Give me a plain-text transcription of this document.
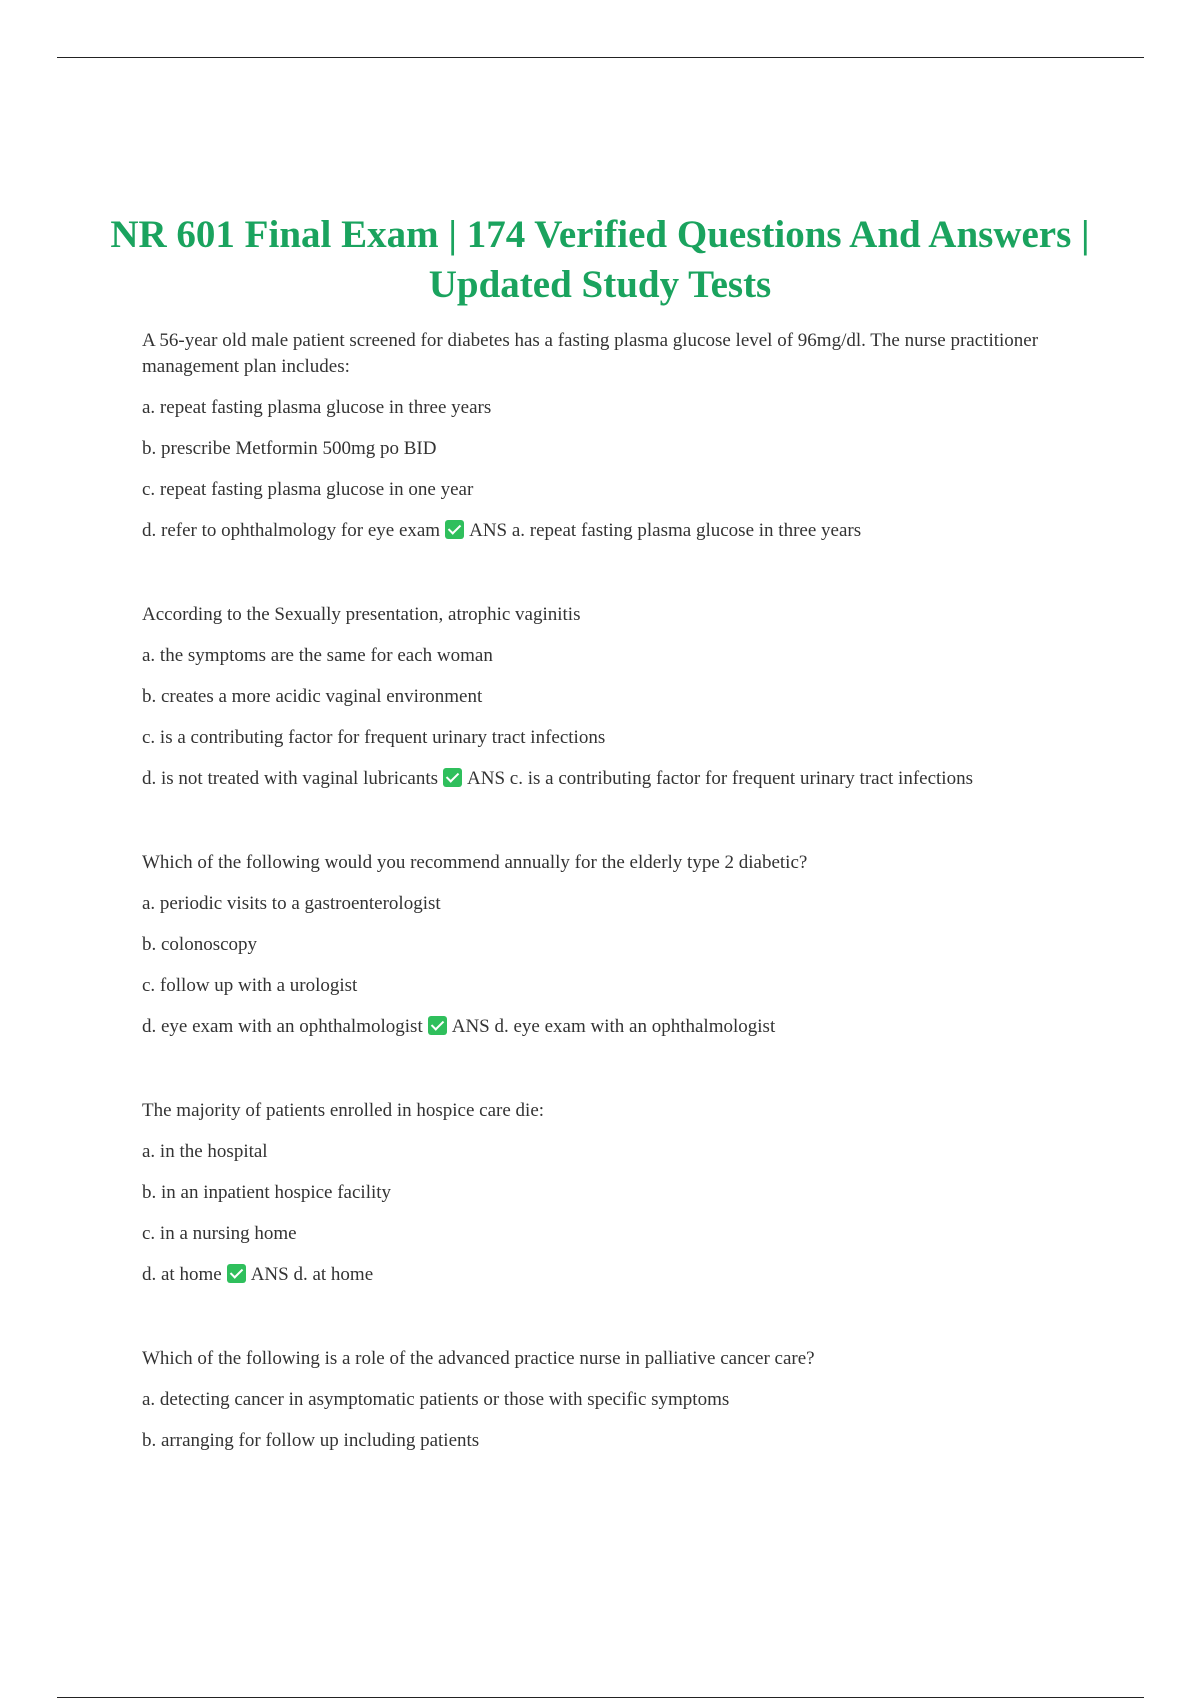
NR 601 Final Exam | 174 Verified Questions And Answers | Updated Study Tests

A 56-year old male patient screened for diabetes has a fasting plasma glucose level of 96mg/dl. The nurse practitioner management plan includes:

a. repeat fasting plasma glucose in three years

b. prescribe Metformin 500mg po BID

c. repeat fasting plasma glucose in one year

d. refer to ophthalmology for eye exam ANS a. repeat fasting plasma glucose in three years

According to the Sexually presentation, atrophic vaginitis

a. the symptoms are the same for each woman

b. creates a more acidic vaginal environment

c. is a contributing factor for frequent urinary tract infections

d. is not treated with vaginal lubricants ANS c. is a contributing factor for frequent urinary tract infections

Which of the following would you recommend annually for the elderly type 2 diabetic?

a. periodic visits to a gastroenterologist

b. colonoscopy

c. follow up with a urologist

d. eye exam with an ophthalmologist ANS d. eye exam with an ophthalmologist

The majority of patients enrolled in hospice care die:

a. in the hospital

b. in an inpatient hospice facility

c. in a nursing home

d. at home ANS d. at home

Which of the following is a role of the advanced practice nurse in palliative cancer care?

a. detecting cancer in asymptomatic patients or those with specific symptoms

b. arranging for follow up including patients
